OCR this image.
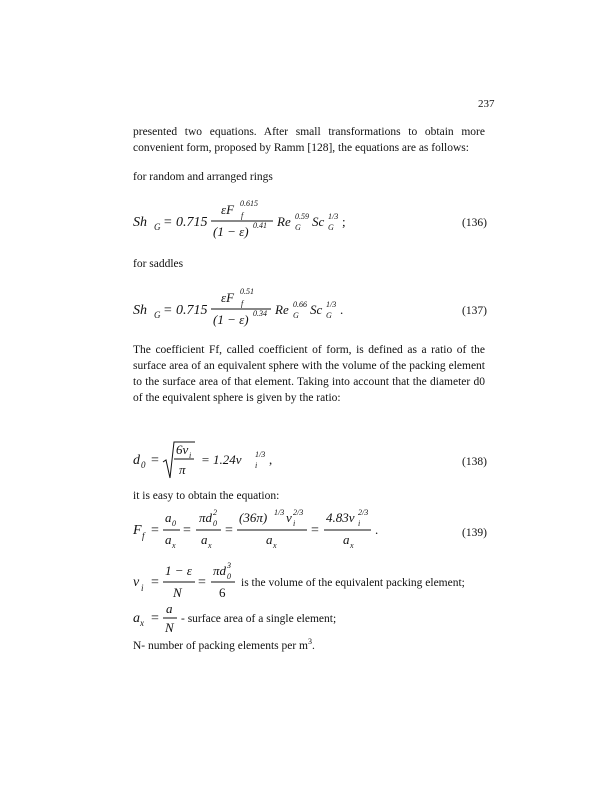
237
presented two equations. After small transformations to obtain more convenient form, proposed by Ramm [128], the equations are as follows:
for random and arranged rings
Sh G = 0.715
εF 0.615
f
(1 − ε) 0.41 Re 0.59
G Sc 1/3
G ;	(136)
for saddles
Sh G = 0.715
εF 0.51
f
(1 − ε) 0.34 Re 0.66
G Sc 1/3
G .	(137)
The coefficient Ff, called coefficient of form, is defined as a ratio of the surface area of an equivalent sphere with the volume of the packing element to the surface area of that element. Taking into account that the diameter d0 of the equivalent sphere is given by the ratio:
d 0 =
6v i
π
= 1.24v i
1/3 ,	(138)
it is easy to obtain the equation:
F f =
a 0
a x
=
πd 2
0
a x
=
(36π) 1/3 v 2/3
i
a x
=
4.83v 2/3
i
a x
.	(139)
v i =
1 − ε
N
=
πd 3
0
6
is the volume of the equivalent packing element;
a x =
a
N
- surface area of a single element;
N- number of packing elements per $m^3$.
